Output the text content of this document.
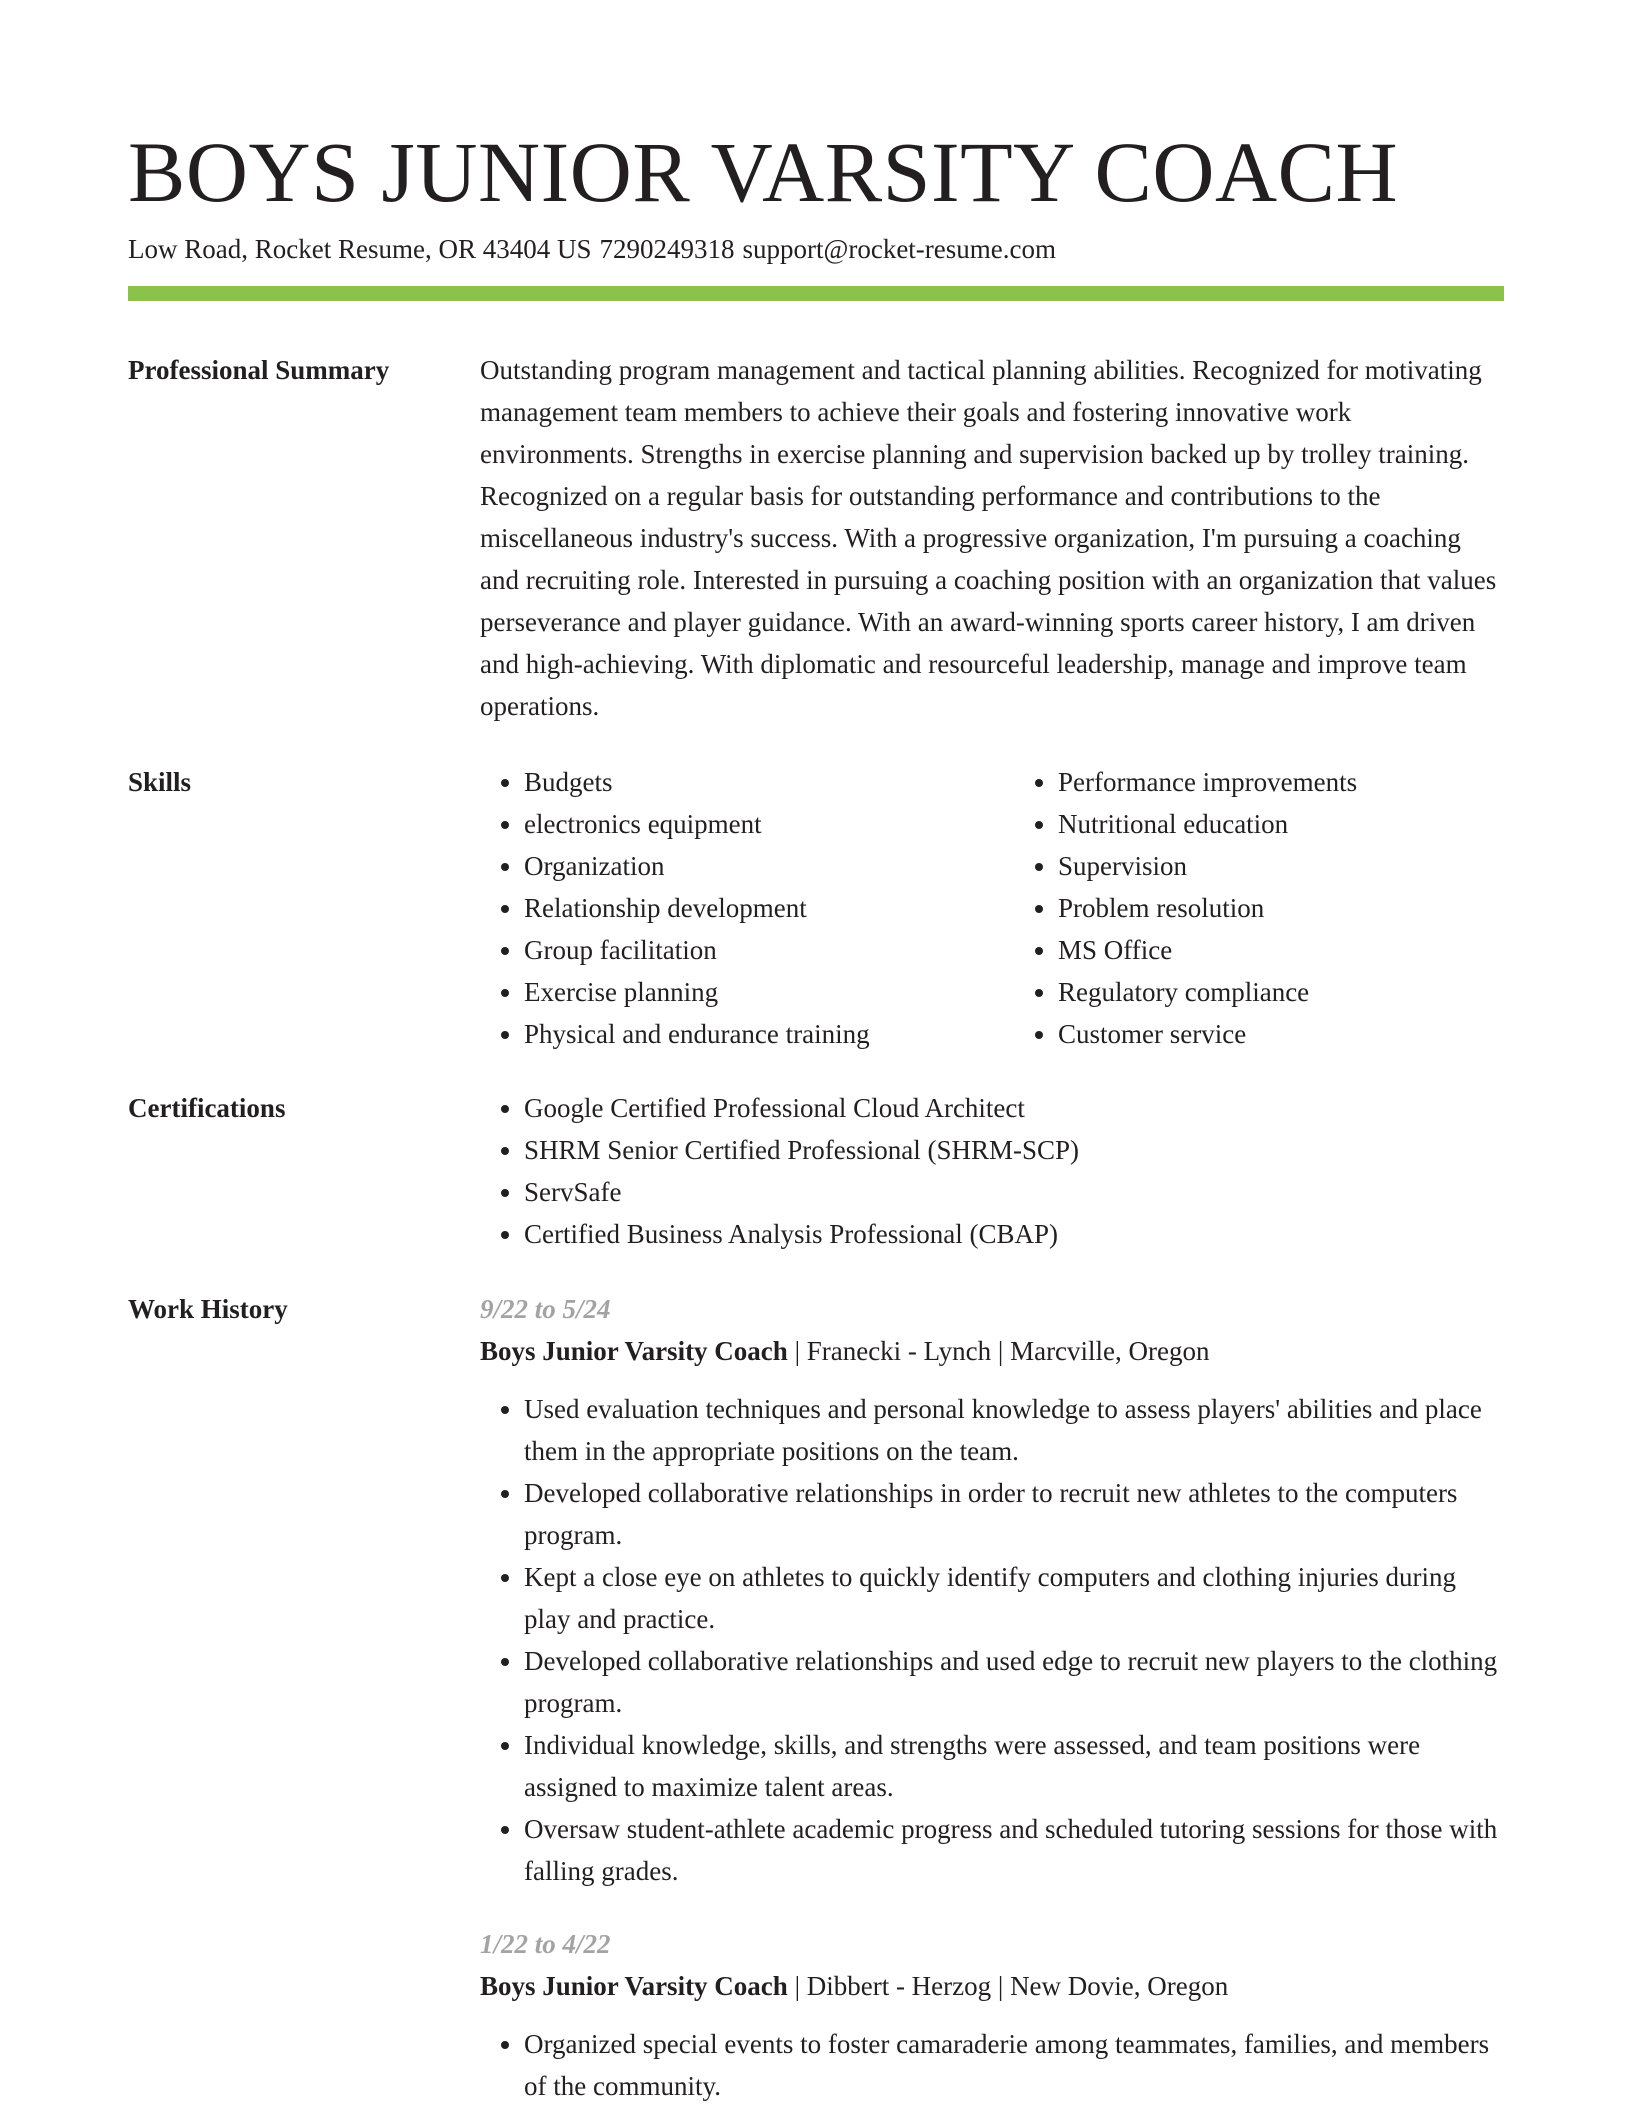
BOYS JUNIOR VARSITY COACH
Low Road, Rocket Resume, OR 43404 US 7290249318 support@rocket-resume.com
Professional Summary	Outstanding program management and tactical planning abilities. Recognized for motivating management team members to achieve their goals and fostering innovative work environments. Strengths in exercise planning and supervision backed up by trolley training. Recognized on a regular basis for outstanding performance and contributions to the miscellaneous industry's success. With a progressive organization, I'm pursuing a coaching and recruiting role. Interested in pursuing a coaching position with an organization that values perseverance and player guidance. With an award-winning sports career history, I am driven and high-achieving. With diplomatic and resourceful leadership, manage and improve team operations.

Skills	• Budgets
• electronics equipment
• Organization
• Relationship development
• Group facilitation
• Exercise planning
• Physical and endurance training
• Performance improvements
• Nutritional education
• Supervision
• Problem resolution
• MS Office
• Regulatory compliance
• Customer service
Certifications	• Google Certified Professional Cloud Architect
• SHRM Senior Certified Professional (SHRM-SCP)
• ServSafe
• Certified Business Analysis Professional (CBAP)
Work History	9/22 to 5/24
Boys Junior Varsity Coach | Franecki - Lynch | Marcville, Oregon
• Used evaluation techniques and personal knowledge to assess players' abilities and place them in the appropriate positions on the team.
• Developed collaborative relationships in order to recruit new athletes to the computers program.
• Kept a close eye on athletes to quickly identify computers and clothing injuries during play and practice.
• Developed collaborative relationships and used edge to recruit new players to the clothing program.
• Individual knowledge, skills, and strengths were assessed, and team positions were assigned to maximize talent areas.
• Oversaw student-athlete academic progress and scheduled tutoring sessions for those with falling grades.
1/22 to 4/22
Boys Junior Varsity Coach | Dibbert - Herzog | New Dovie, Oregon
• Organized special events to foster camaraderie among teammates, families, and members of the community.
